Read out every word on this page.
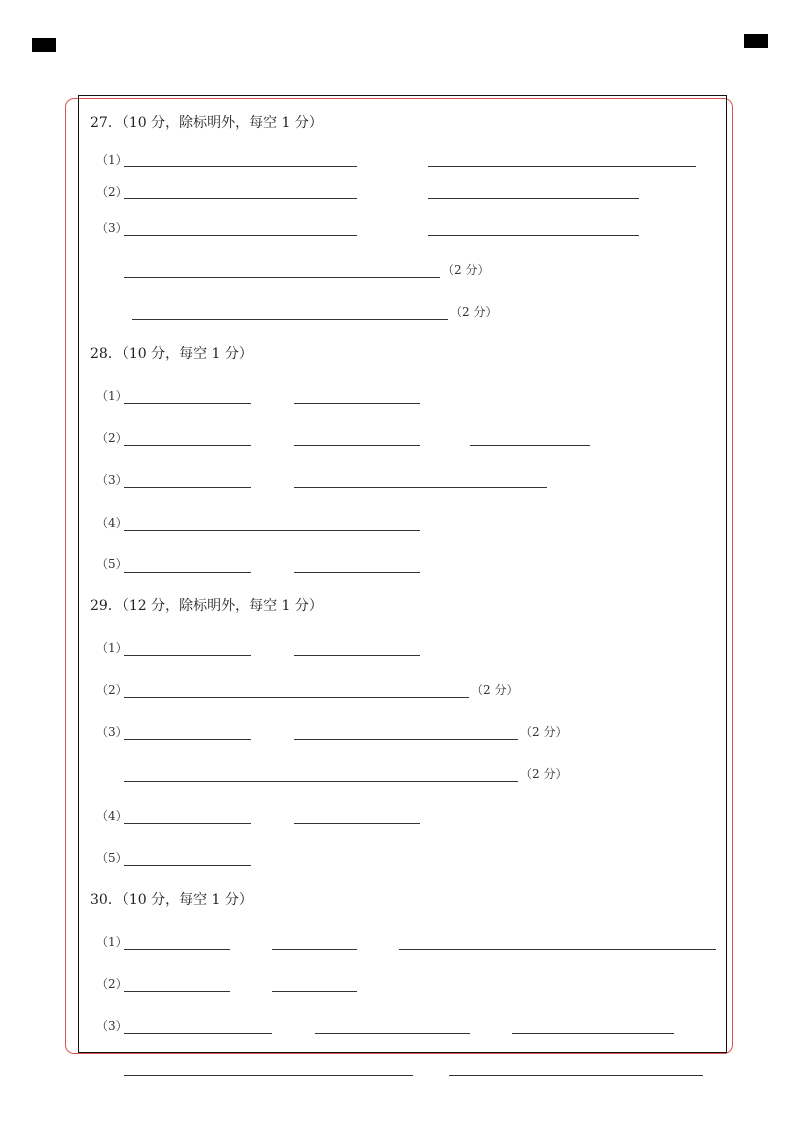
27．（10 分，除标明外，每空 1 分）
（1）
（2）
（3）
（2 分）
（2 分）
28．（10 分，每空 1 分）
（1）
（2）
（3）
（4）
（5）
29．（12 分，除标明外，每空 1 分）
（1）
（2）	（2 分）
（3）	（2 分）
（2 分）
（4）
（5）
30．（10 分，每空 1 分）
（1）
（2）
（3）
